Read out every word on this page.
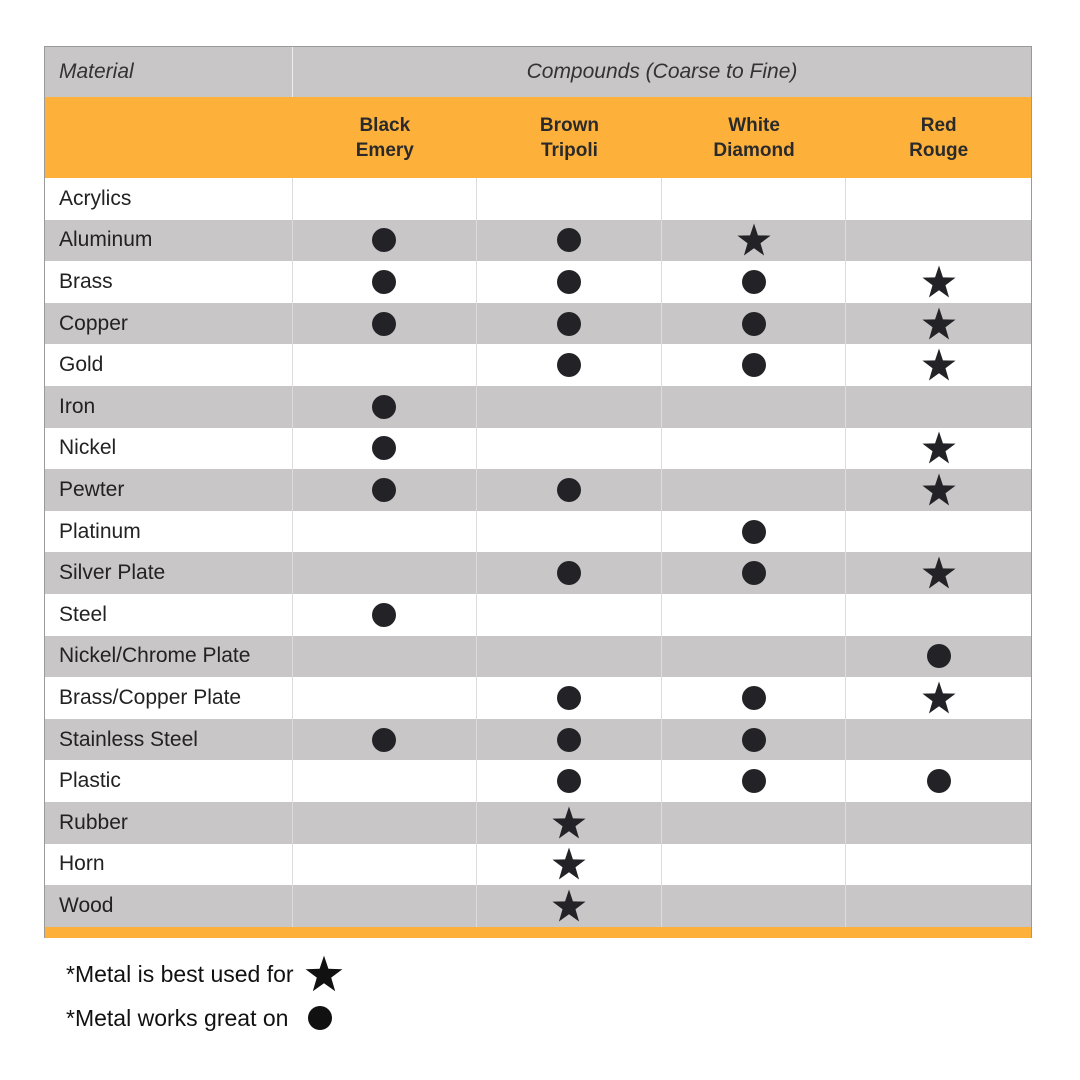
Material	Compounds (Coarse to Fine)
Black
Emery
Brown
Tripoli
White
Diamond
Red
Rouge
Acrylics
Aluminum
Brass
Copper
Gold
Iron
Nickel
Pewter
Platinum
Silver Plate
Steel
Nickel/Chrome Plate
Brass/Copper Plate
Stainless Steel
Plastic
Rubber
Horn
Wood
*Metal is best used for
*Metal works great on
